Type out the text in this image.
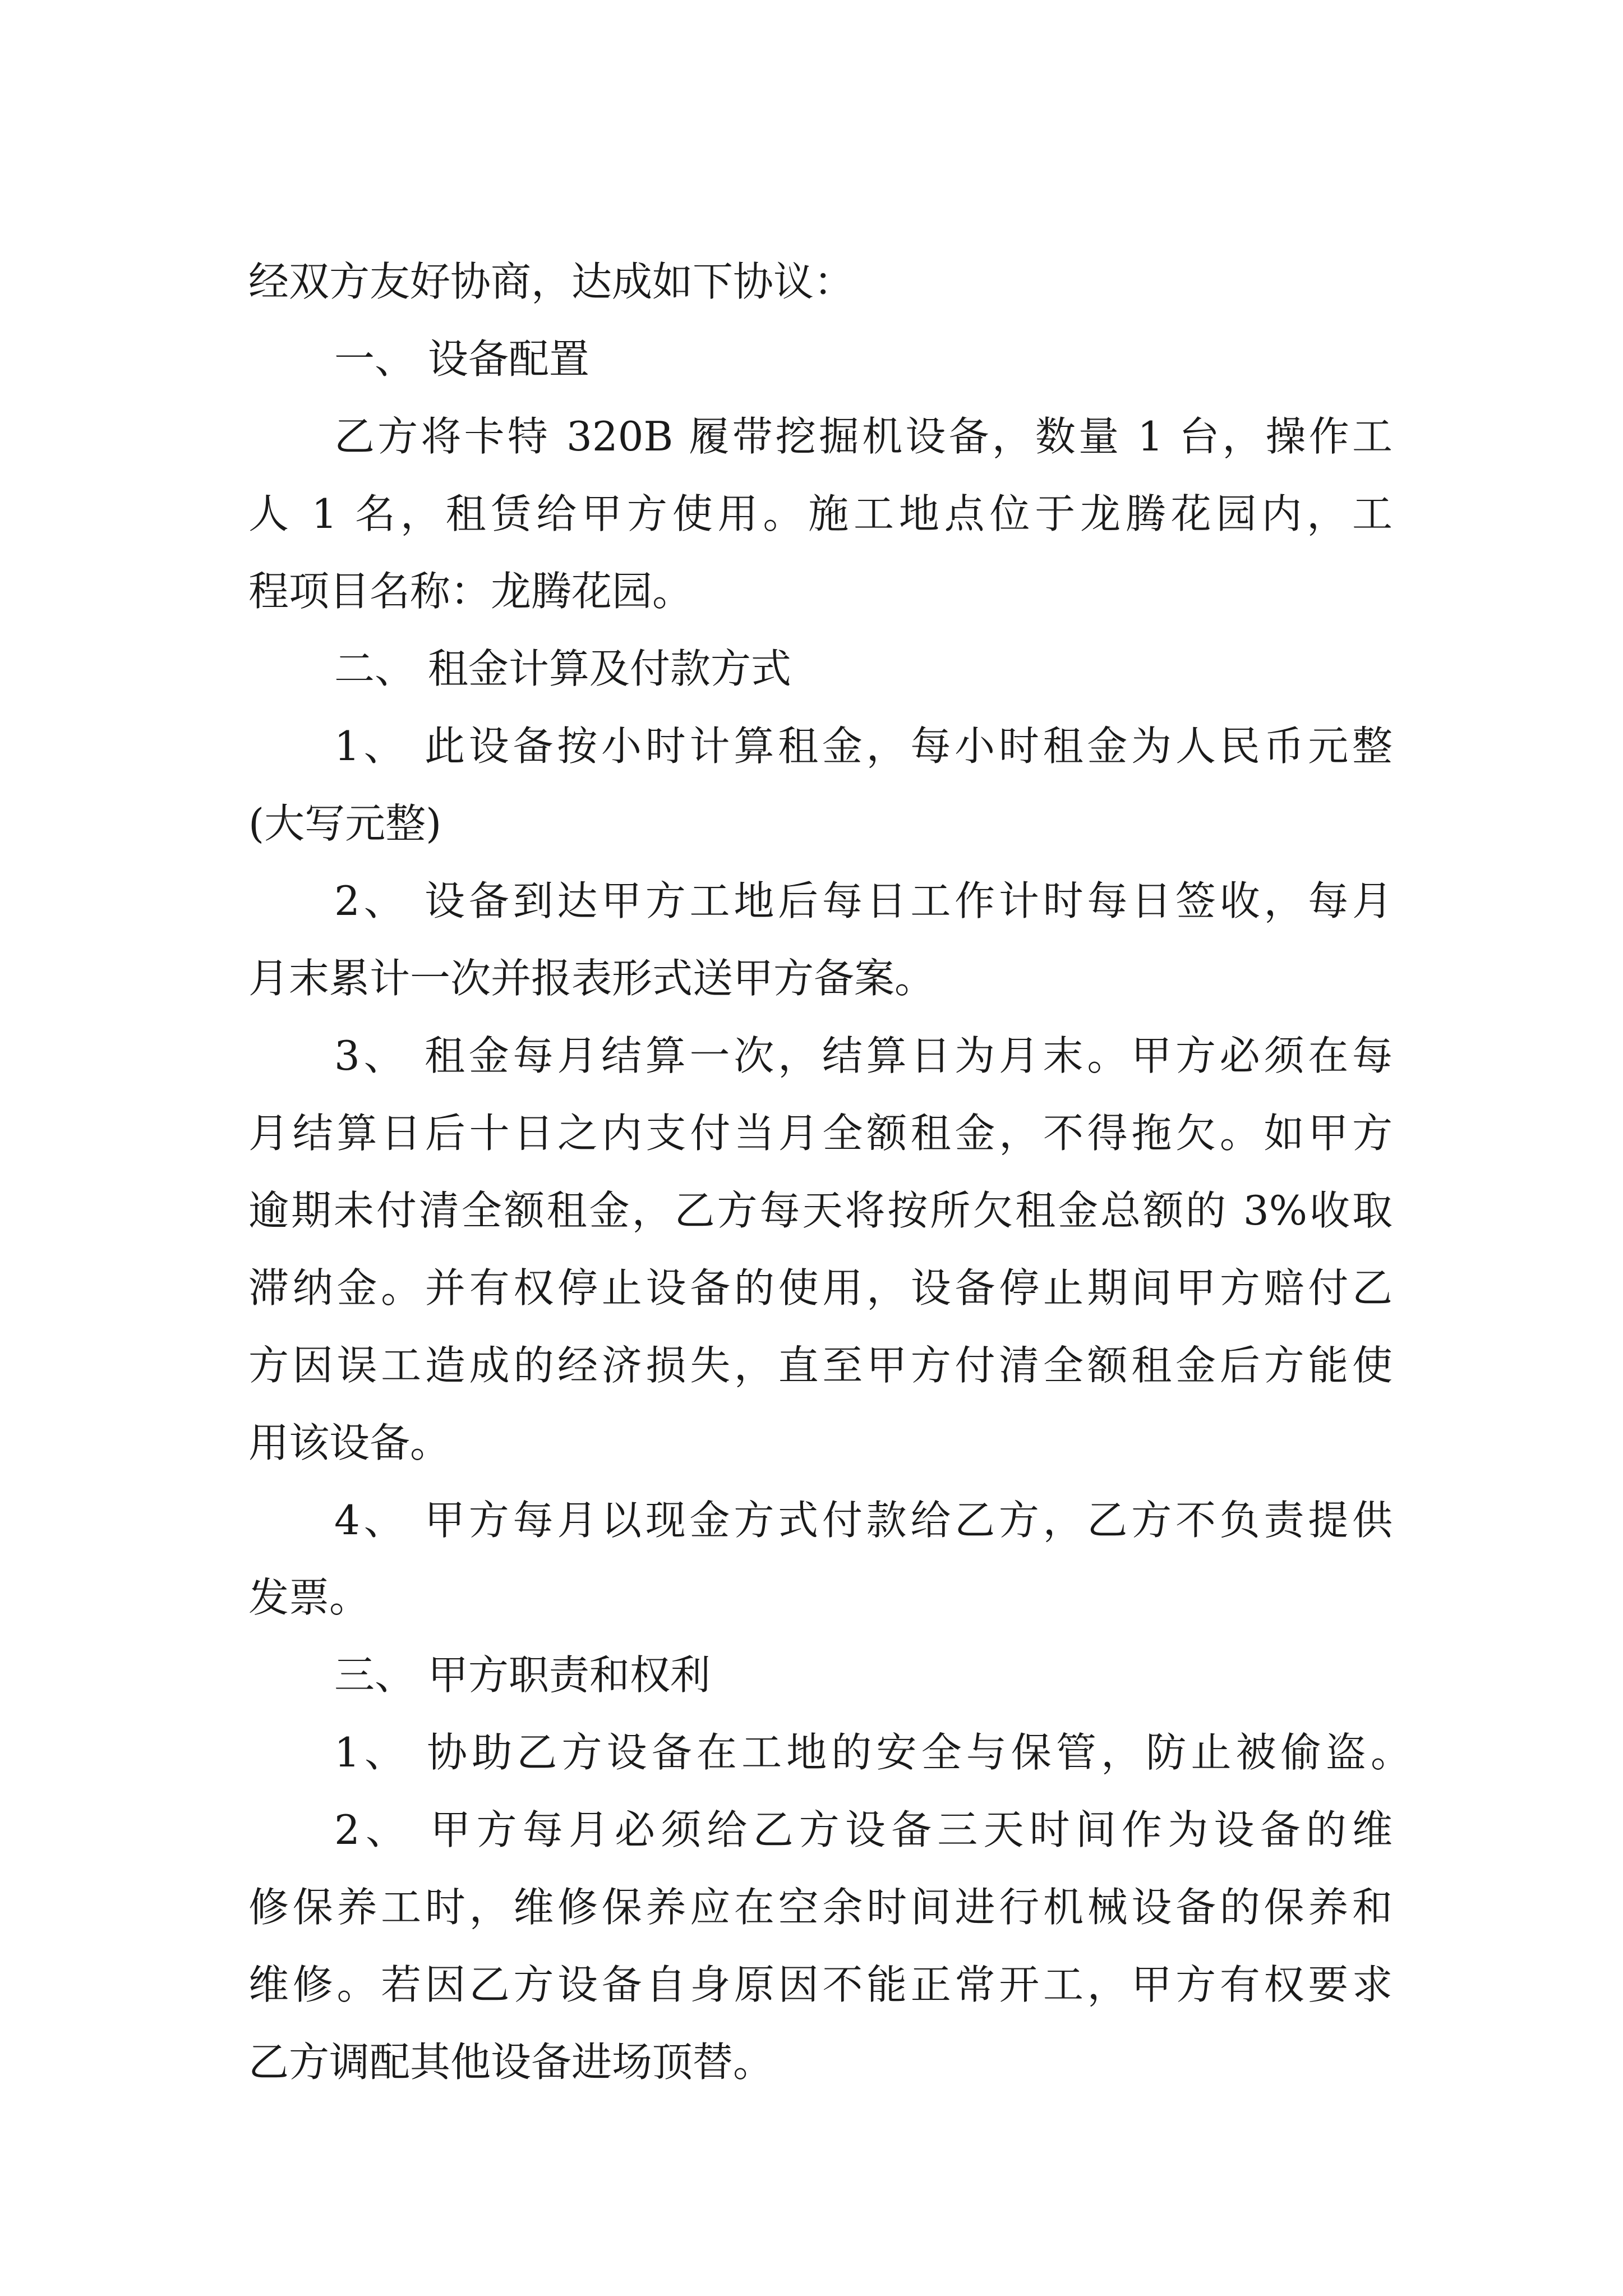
经双方友好协商，达成如下协议：

一、 设备配置

乙方将卡特 320B 履带挖掘机设备，数量 1 台，操作工

人 1 名，租赁给甲方使用。施工地点位于龙腾花园内，工

程项目名称：龙腾花园。

二、 租金计算及付款方式

1、 此设备按小时计算租金，每小时租金为人民币元整

(大写元整)

2、 设备到达甲方工地后每日工作计时每日签收，每月

月末累计一次并报表形式送甲方备案。

3、 租金每月结算一次，结算日为月末。甲方必须在每

月结算日后十日之内支付当月全额租金，不得拖欠。如甲方

逾期未付清全额租金，乙方每天将按所欠租金总额的 3%收取

滞纳金。并有权停止设备的使用，设备停止期间甲方赔付乙

方因误工造成的经济损失，直至甲方付清全额租金后方能使

用该设备。

4、 甲方每月以现金方式付款给乙方，乙方不负责提供

发票。

三、 甲方职责和权利

1、 协助乙方设备在工地的安全与保管，防止被偷盗。

2、 甲方每月必须给乙方设备三天时间作为设备的维

修保养工时，维修保养应在空余时间进行机械设备的保养和

维修。若因乙方设备自身原因不能正常开工，甲方有权要求

乙方调配其他设备进场顶替。
